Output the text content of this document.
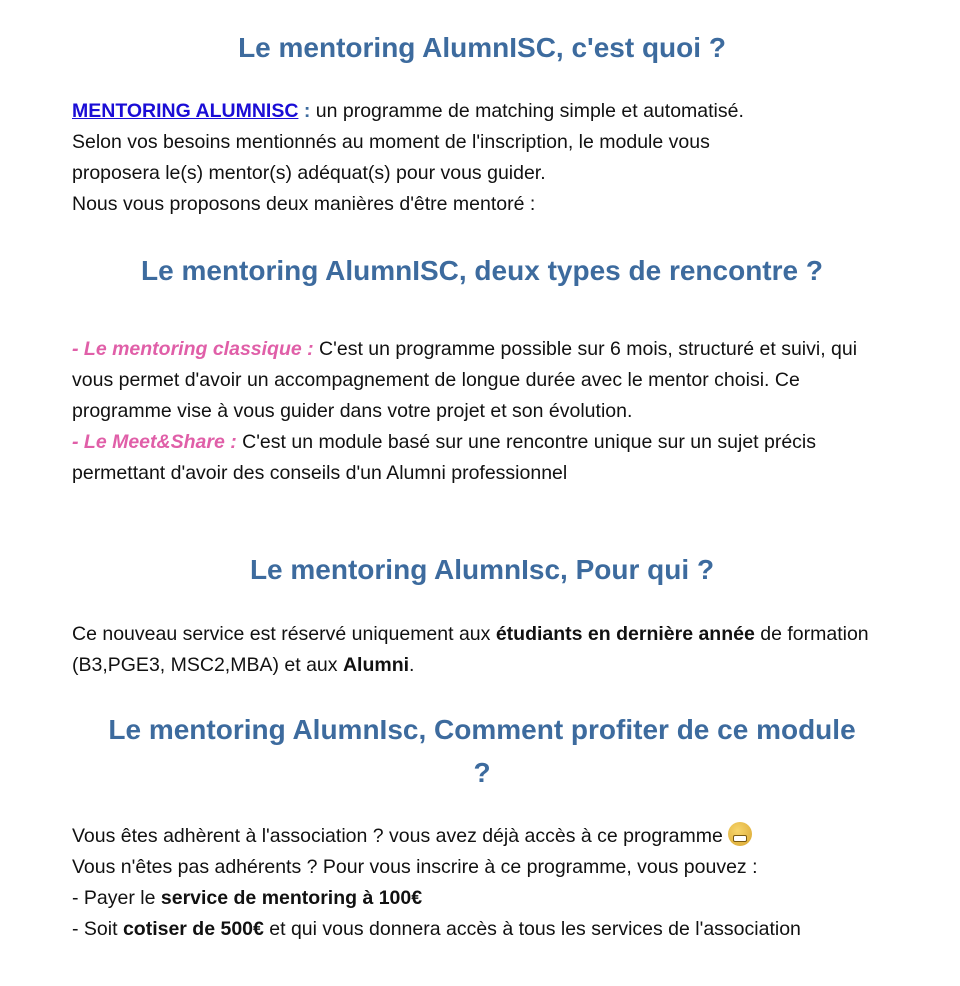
Le mentoring AlumnISC, c'est quoi ?

MENTORING ALUMNISC : un programme de matching simple et automatisé.

Selon vos besoins mentionnés au moment de l'inscription, le module vous

proposera le(s) mentor(s) adéquat(s) pour vous guider.

Nous vous proposons deux manières d'être mentoré :

Le mentoring AlumnISC, deux types de rencontre ?

- Le mentoring classique : C'est un programme possible sur 6 mois, structuré et suivi, qui vous permet d'avoir un accompagnement de longue durée avec le mentor choisi. Ce programme vise à vous guider dans votre projet et son évolution.

- Le Meet&Share : C'est un module basé sur une rencontre unique sur un sujet précis permettant d'avoir des conseils d'un Alumni professionnel

Le mentoring AlumnIsc, Pour qui ?

Ce nouveau service est réservé uniquement aux étudiants en dernière année de formation (B3,PGE3, MSC2,MBA) et aux Alumni.

Le mentoring AlumnIsc, Comment profiter de ce module ?

Vous êtes adhèrent à l'association ? vous avez déjà accès à ce programme

Vous n'êtes pas adhérents ? Pour vous inscrire à ce programme, vous pouvez :

- Payer le service de mentoring à 100€

- Soit cotiser de 500€ et qui vous donnera accès à tous les services de l'association
